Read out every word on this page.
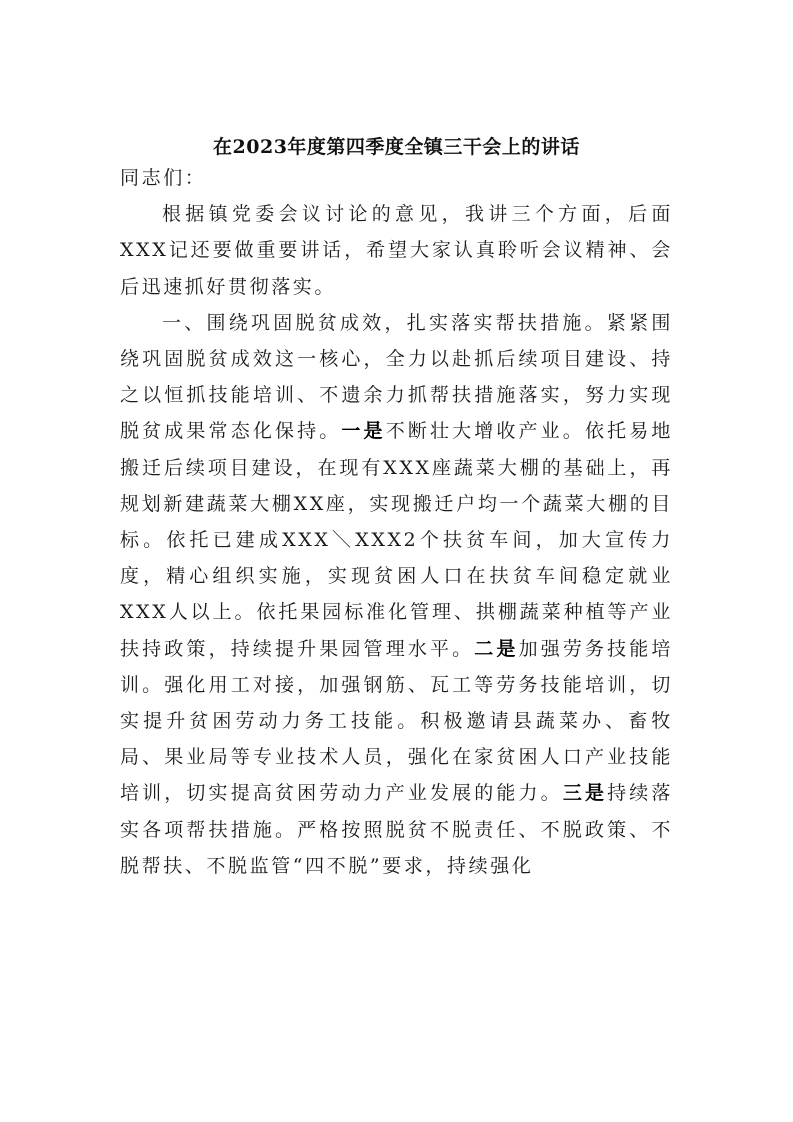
在2023年度第四季度全镇三干会上的讲话

同志们：

根据镇党委会议讨论的意见，我讲三个方面，后面XXX记还要做重要讲话，希望大家认真聆听会议精神、会后迅速抓好贯彻落实。

一、围绕巩固脱贫成效，扎实落实帮扶措施。紧紧围绕巩固脱贫成效这一核心，全力以赴抓后续项目建设、持之以恒抓技能培训、不遗余力抓帮扶措施落实，努力实现脱贫成果常态化保持。一是不断壮大增收产业。依托易地搬迁后续项目建设，在现有XXX座蔬菜大棚的基础上，再规划新建蔬菜大棚XX座，实现搬迁户均一个蔬菜大棚的目标。依托已建成XXX＼XXX2个扶贫车间，加大宣传力度，精心组织实施，实现贫困人口在扶贫车间稳定就业XXX人以上。依托果园标准化管理、拱棚蔬菜种植等产业扶持政策，持续提升果园管理水平。二是加强劳务技能培训。强化用工对接，加强钢筋、瓦工等劳务技能培训，切实提升贫困劳动力务工技能。积极邀请县蔬菜办、畜牧局、果业局等专业技术人员，强化在家贫困人口产业技能培训，切实提高贫困劳动力产业发展的能力。三是持续落实各项帮扶措施。严格按照脱贫不脱责任、不脱政策、不脱帮扶、不脱监管“四不脱”要求，持续强化
